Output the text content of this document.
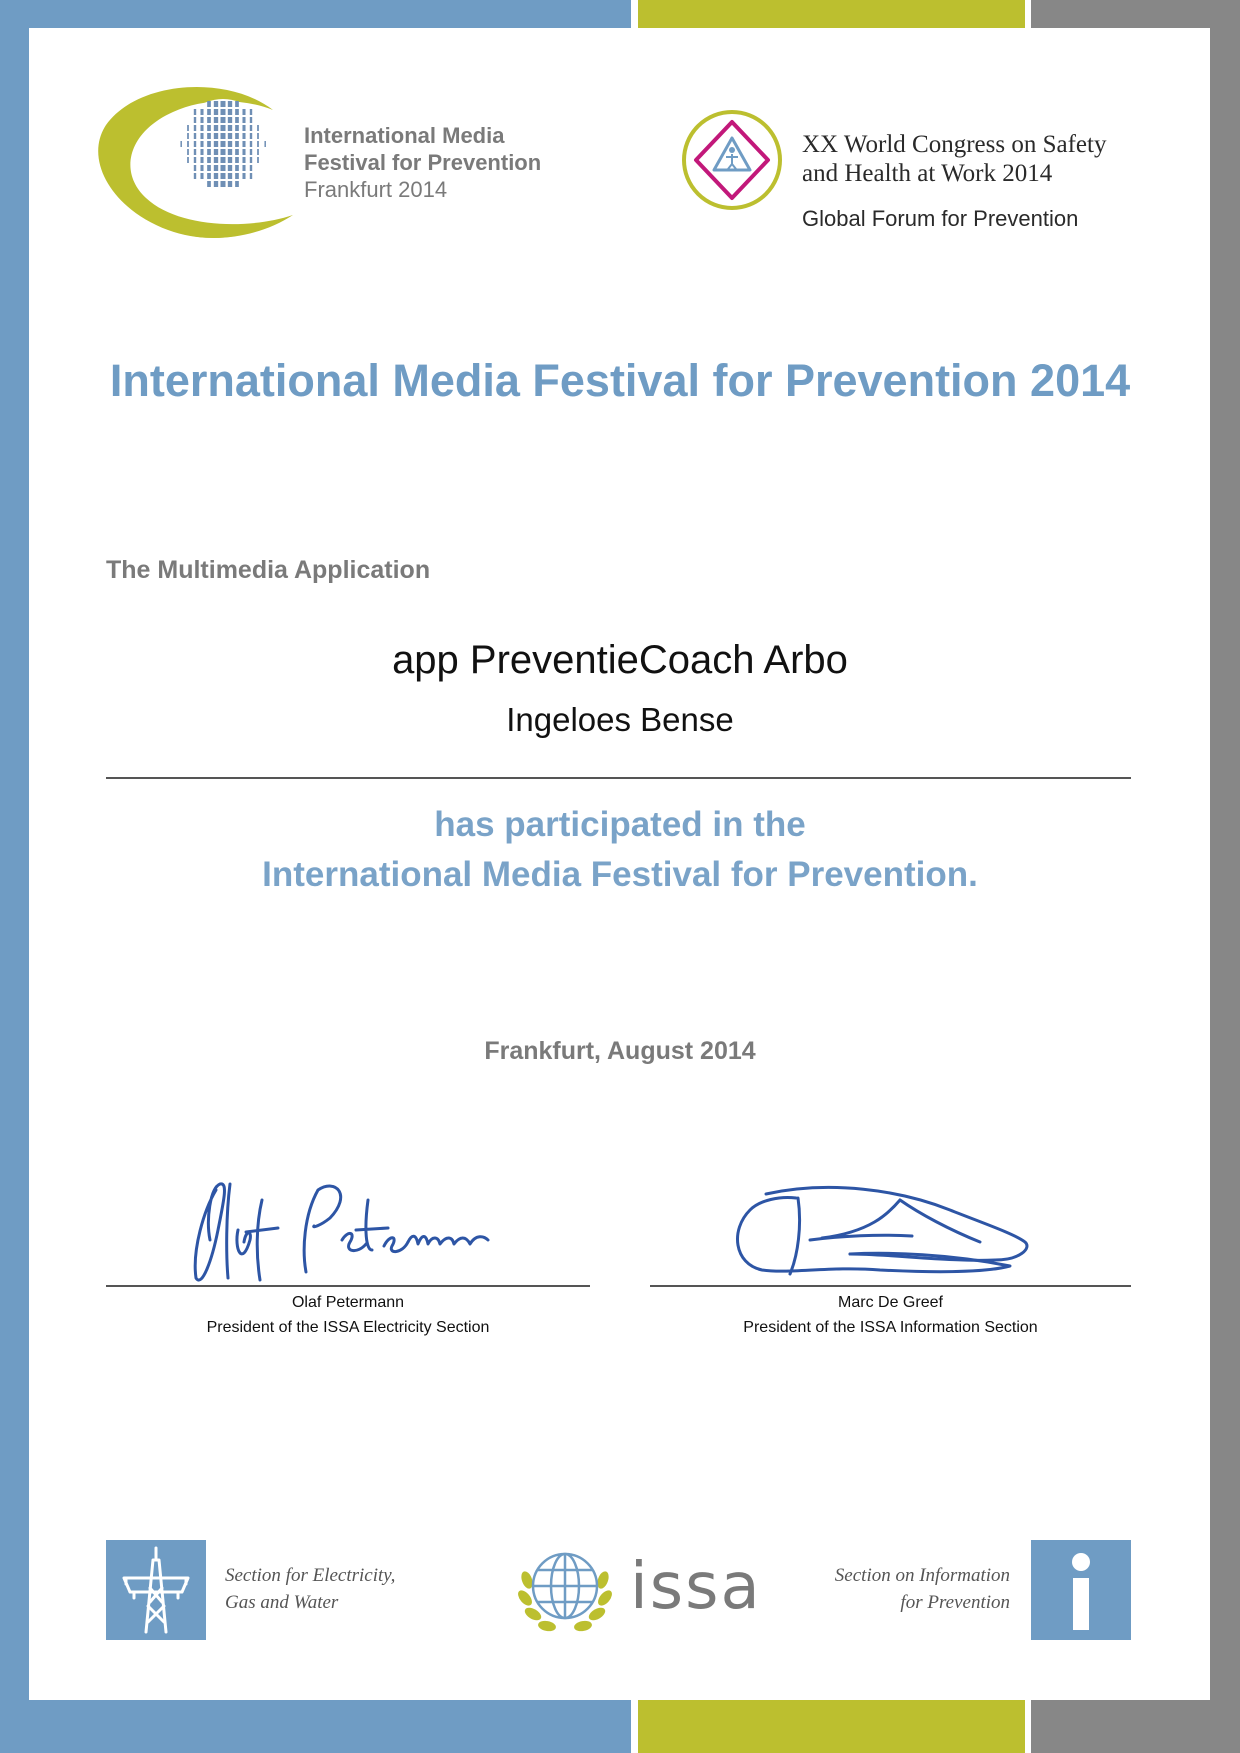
International Media
Festival for Prevention
Frankfurt 2014
XX World Congress on Safety
and Health at Work 2014
Global Forum for Prevention
International Media Festival for Prevention 2014
The Multimedia Application
app PreventieCoach Arbo
Ingeloes Bense
has participated in the
International Media Festival for Prevention.
Frankfurt, August 2014
Olaf Petermann
President of the ISSA Electricity Section
Marc De Greef
President of the ISSA Information Section
Section for Electricity,
Gas and Water	issa	Section on Information
for Prevention
